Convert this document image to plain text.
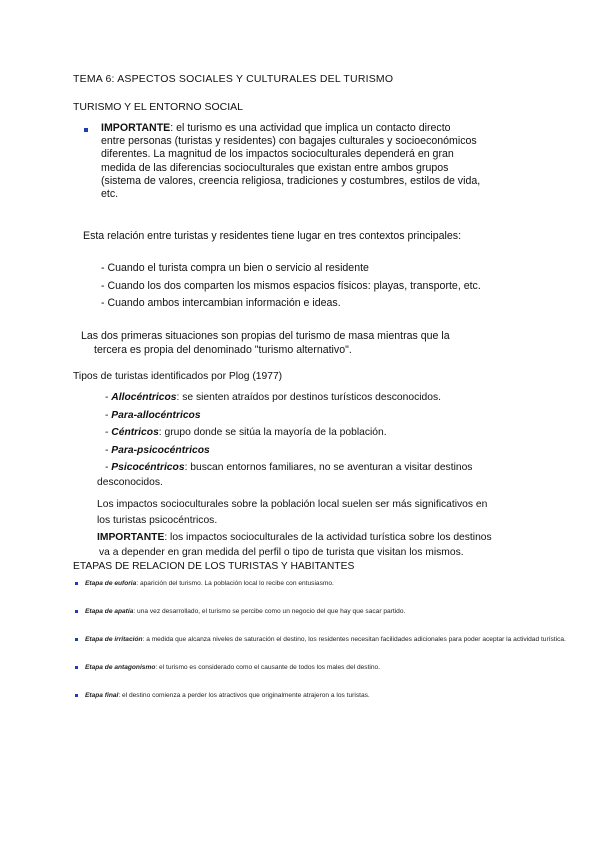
TEMA 6: ASPECTOS SOCIALES Y CULTURALES DEL TURISMO
TURISMO Y EL ENTORNO SOCIAL
IMPORTANTE: el turismo es una actividad que implica un contacto directo
entre personas (turistas y residentes) con bagajes culturales y socioeconómicos
diferentes. La magnitud de los impactos socioculturales dependerá en gran
medida de las diferencias socioculturales que existan entre ambos grupos
(sistema de valores, creencia religiosa, tradiciones y costumbres, estilos de vida,
etc.
Esta relación entre turistas y residentes tiene lugar en tres contextos principales:
- Cuando el turista compra un bien o servicio al residente
- Cuando los dos comparten los mismos espacios físicos: playas, transporte, etc.
- Cuando ambos intercambian información e ideas.
Las dos primeras situaciones son propias del turismo de masa mientras que la
tercera es propia del denominado "turismo alternativo".
Tipos de turistas identificados por Plog (1977)
- Allocéntricos: se sienten atraídos por destinos turísticos desconocidos.
- Para-allocéntricos
- Céntricos: grupo donde se sitúa la mayoría de la población.
- Para-psicocéntricos
- Psicocéntricos: buscan entornos familiares, no se aventuran a visitar destinos
desconocidos.
Los impactos socioculturales sobre la población local suelen ser más significativos en
los turistas psicocéntricos.
IMPORTANTE: los impactos socioculturales de la actividad turística sobre los destinos
va a depender en gran medida del perfil o tipo de turista que visitan los mismos.
ETAPAS DE RELACION DE LOS TURISTAS Y HABITANTES
Etapa de euforia: aparición del turismo. La población local lo recibe con entusiasmo.
Etapa de apatía: una vez desarrollado, el turismo se percibe como un negocio del que hay que sacar partido.
Etapa de irritación: a medida que alcanza niveles de saturación el destino, los residentes necesitan facilidades adicionales para poder aceptar la actividad turística.
Etapa de antagonismo: el turismo es considerado como el causante de todos los males del destino.
Etapa final: el destino comienza a perder los atractivos que originalmente atrajeron a los turistas.
